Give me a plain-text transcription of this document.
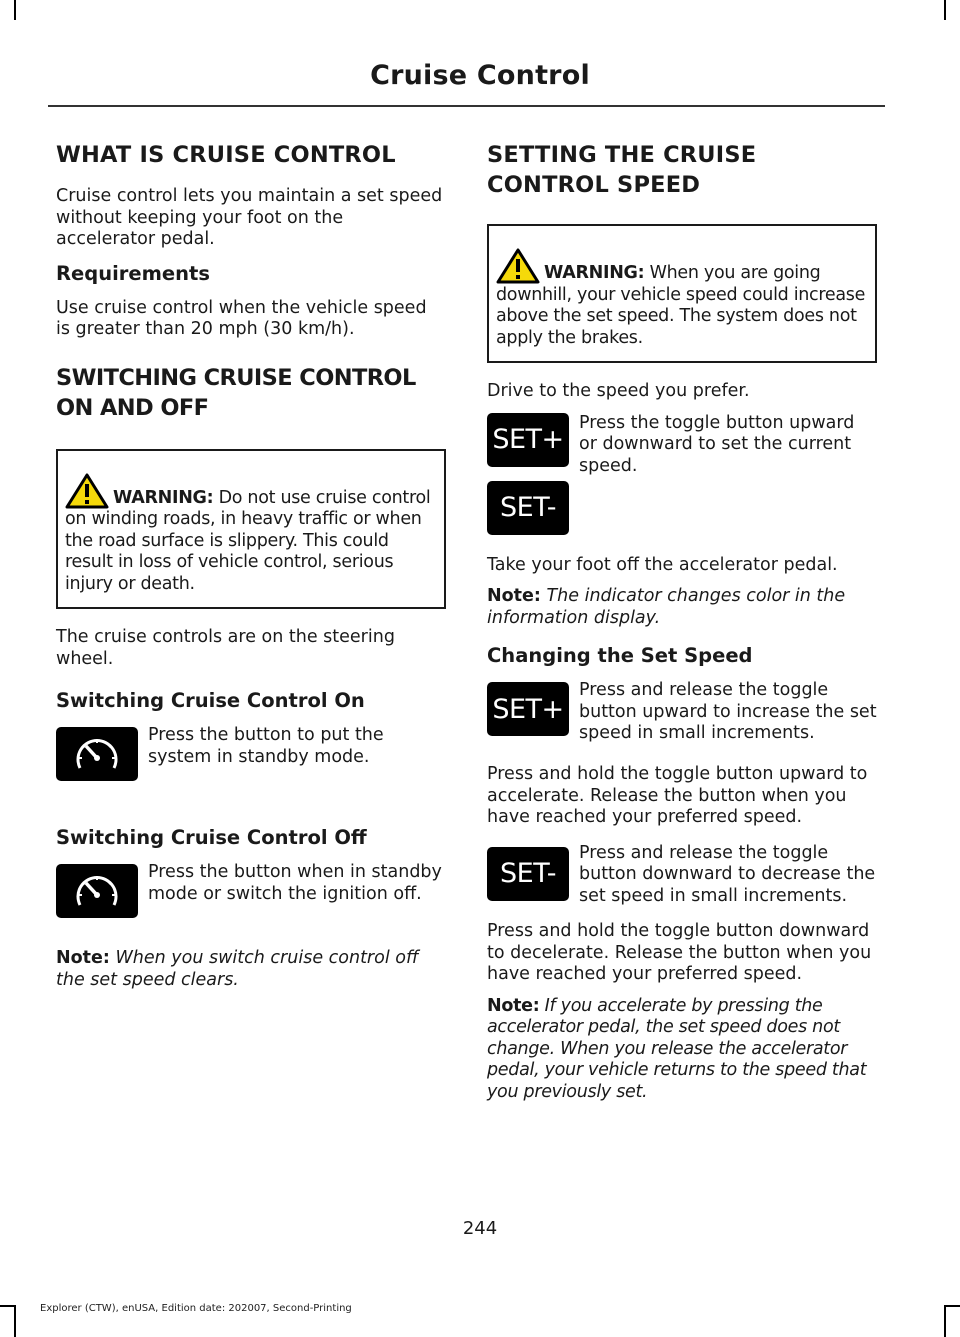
Cruise Control
WHAT IS CRUISE CONTROL

Cruise control lets you maintain a set speed without keeping your foot on the accelerator pedal.

Requirements

Use cruise control when the vehicle speed is greater than 20 mph (30 km/h).

SWITCHING CRUISE CONTROL
ON AND OFF

WARNING: Do not use cruise control on winding roads, in heavy traffic or when the road surface is slippery. This could result in loss of vehicle control, serious injury or death.

The cruise controls are on the steering wheel.

Switching Cruise Control On
Press the button to put the system in standby mode.
Switching Cruise Control Off
Press the button when in standby mode or switch the ignition off.
Note: When you switch cruise control off the set speed clears.
SETTING THE CRUISE
CONTROL SPEED

WARNING: When you are going downhill, your vehicle speed could increase above the set speed. The system does not apply the brakes.

Drive to the speed you prefer.

SET+
SET-
Press the toggle button upward or downward to set the current speed.

Take your foot off the accelerator pedal.

Note: The indicator changes color in the information display.
Changing the Set Speed
SET+
Press and release the toggle button upward to increase the set speed in small increments.

Press and hold the toggle button upward to accelerate. Release the button when you have reached your preferred speed.

SET-
Press and release the toggle button downward to decrease the set speed in small increments.

Press and hold the toggle button downward to decelerate. Release the button when you have reached your preferred speed.

Note: If you accelerate by pressing the accelerator pedal, the set speed does not change. When you release the accelerator pedal, your vehicle returns to the speed that you previously set.
244
Explorer (CTW), enUSA, Edition date: 202007, Second-Printing
